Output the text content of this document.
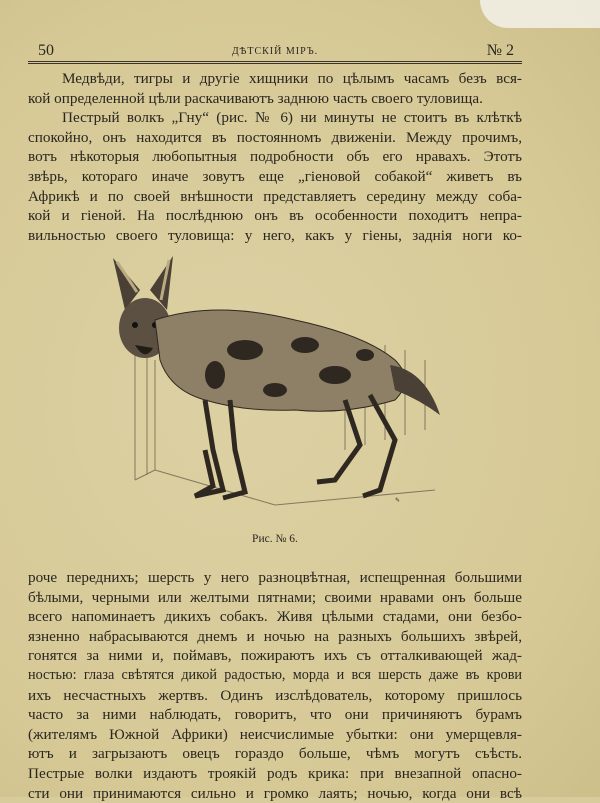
50	ДѢТСКІЙ МІРЪ.	№ 2
Медвѣди, тигры и другіе хищники по цѣлымъ часамъ безъ вся-
кой определенной цѣли раскачиваютъ заднюю часть своего туловища.
Пестрый волкъ „Гну“ (рис. № 6) ни минуты не стоитъ въ клѣткѣ
спокойно, онъ находится въ постоянномъ движеніи. Между прочимъ,
вотъ нѣкоторыя любопытныя подробности объ его нравахъ. Этотъ
звѣрь, котораго иначе зовутъ еще „гіеновой собакой“ живетъ въ
Африкѣ и по своей внѣшности представляетъ середину между соба-
кой и гіеной. На послѣднюю онъ въ особенности походитъ непра-
вильностью своего туловища: у него, какъ у гіены, заднія ноги ко-
✎
Рис. № 6.
роче переднихъ; шерсть у него разноцвѣтная, испещренная большими
бѣлыми, черными или желтыми пятнами; своими нравами онъ больше
всего напоминаетъ дикихъ собакъ. Живя цѣлыми стадами, они безбо-
язненно набрасываются днемъ и ночью на разныхъ большихъ звѣрей,
гонятся за ними и, поймавъ, пожираютъ ихъ съ отталкивающей жад-
ностью: глаза свѣтятся дикой радостью, морда и вся шерсть даже въ крови
ихъ несчастныхъ жертвъ. Одинъ изслѣдователь, которому пришлось
часто за ними наблюдать, говоритъ, что они причиняютъ бурамъ
(жителямъ Южной Африки) неисчислимые убытки: они умерщевля-
ютъ и загрызаютъ овецъ гораздо больше, чѣмъ могутъ съѣсть.
Пестрые волки издаютъ троякій родъ крика: при внезапной опасно-
сти они принимаются сильно и громко лаять; ночью, когда они всѣ
